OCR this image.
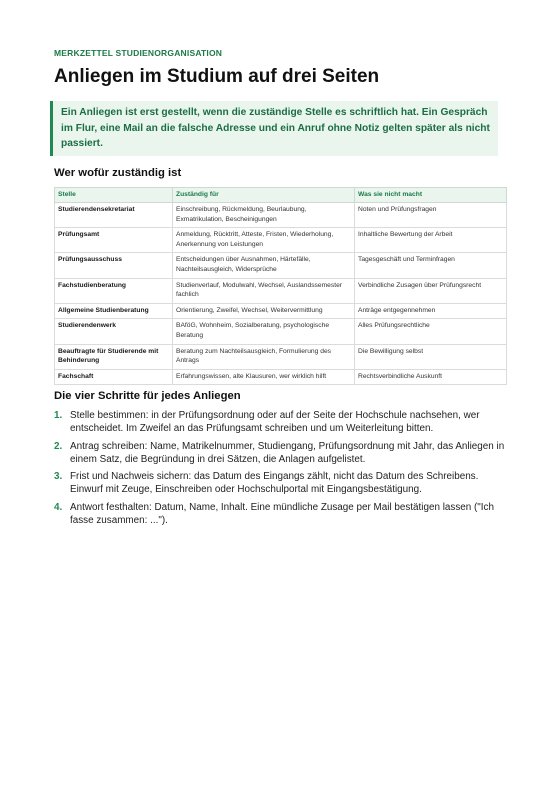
MERKZETTEL STUDIENORGANISATION
Anliegen im Studium auf drei Seiten
Ein Anliegen ist erst gestellt, wenn die zuständige Stelle es schriftlich hat. Ein Gespräch im Flur, eine Mail an die falsche Adresse und ein Anruf ohne Notiz gelten später als nicht passiert.
Wer wofür zuständig ist
Stelle	Zuständig für	Was sie nicht macht
Studierendensekretariat	Einschreibung, Rückmeldung, Beurlaubung, Exmatrikulation, Bescheinigungen	Noten und Prüfungsfragen
Prüfungsamt	Anmeldung, Rücktritt, Atteste, Fristen, Wiederholung, Anerkennung von Leistungen	Inhaltliche Bewertung der Arbeit
Prüfungsausschuss	Entscheidungen über Ausnahmen, Härtefälle, Nachteilsausgleich, Widersprüche	Tagesgeschäft und Terminfragen
Fachstudienberatung	Studienverlauf, Modulwahl, Wechsel, Auslandssemester fachlich	Verbindliche Zusagen über Prüfungsrecht
Allgemeine Studienberatung	Orientierung, Zweifel, Wechsel, Weitervermittlung	Anträge entgegennehmen
Studierendenwerk	BAföG, Wohnheim, Sozialberatung, psychologische Beratung	Alles Prüfungsrechtliche
Beauftragte für Studierende mit Behinderung	Beratung zum Nachteilsausgleich, Formulierung des Antrags	Die Bewilligung selbst
Fachschaft	Erfahrungswissen, alte Klausuren, wer wirklich hilft	Rechtsverbindliche Auskunft
Die vier Schritte für jedes Anliegen
1. Stelle bestimmen: in der Prüfungsordnung oder auf der Seite der Hochschule nachsehen, wer entscheidet. Im Zweifel an das Prüfungsamt schreiben und um Weiterleitung bitten.
2. Antrag schreiben: Name, Matrikelnummer, Studiengang, Prüfungsordnung mit Jahr, das Anliegen in einem Satz, die Begründung in drei Sätzen, die Anlagen aufgelistet.
3. Frist und Nachweis sichern: das Datum des Eingangs zählt, nicht das Datum des Schreibens. Einwurf mit Zeuge, Einschreiben oder Hochschulportal mit Eingangsbestätigung.
4. Antwort festhalten: Datum, Name, Inhalt. Eine mündliche Zusage per Mail bestätigen lassen ("Ich fasse zusammen: ...").
